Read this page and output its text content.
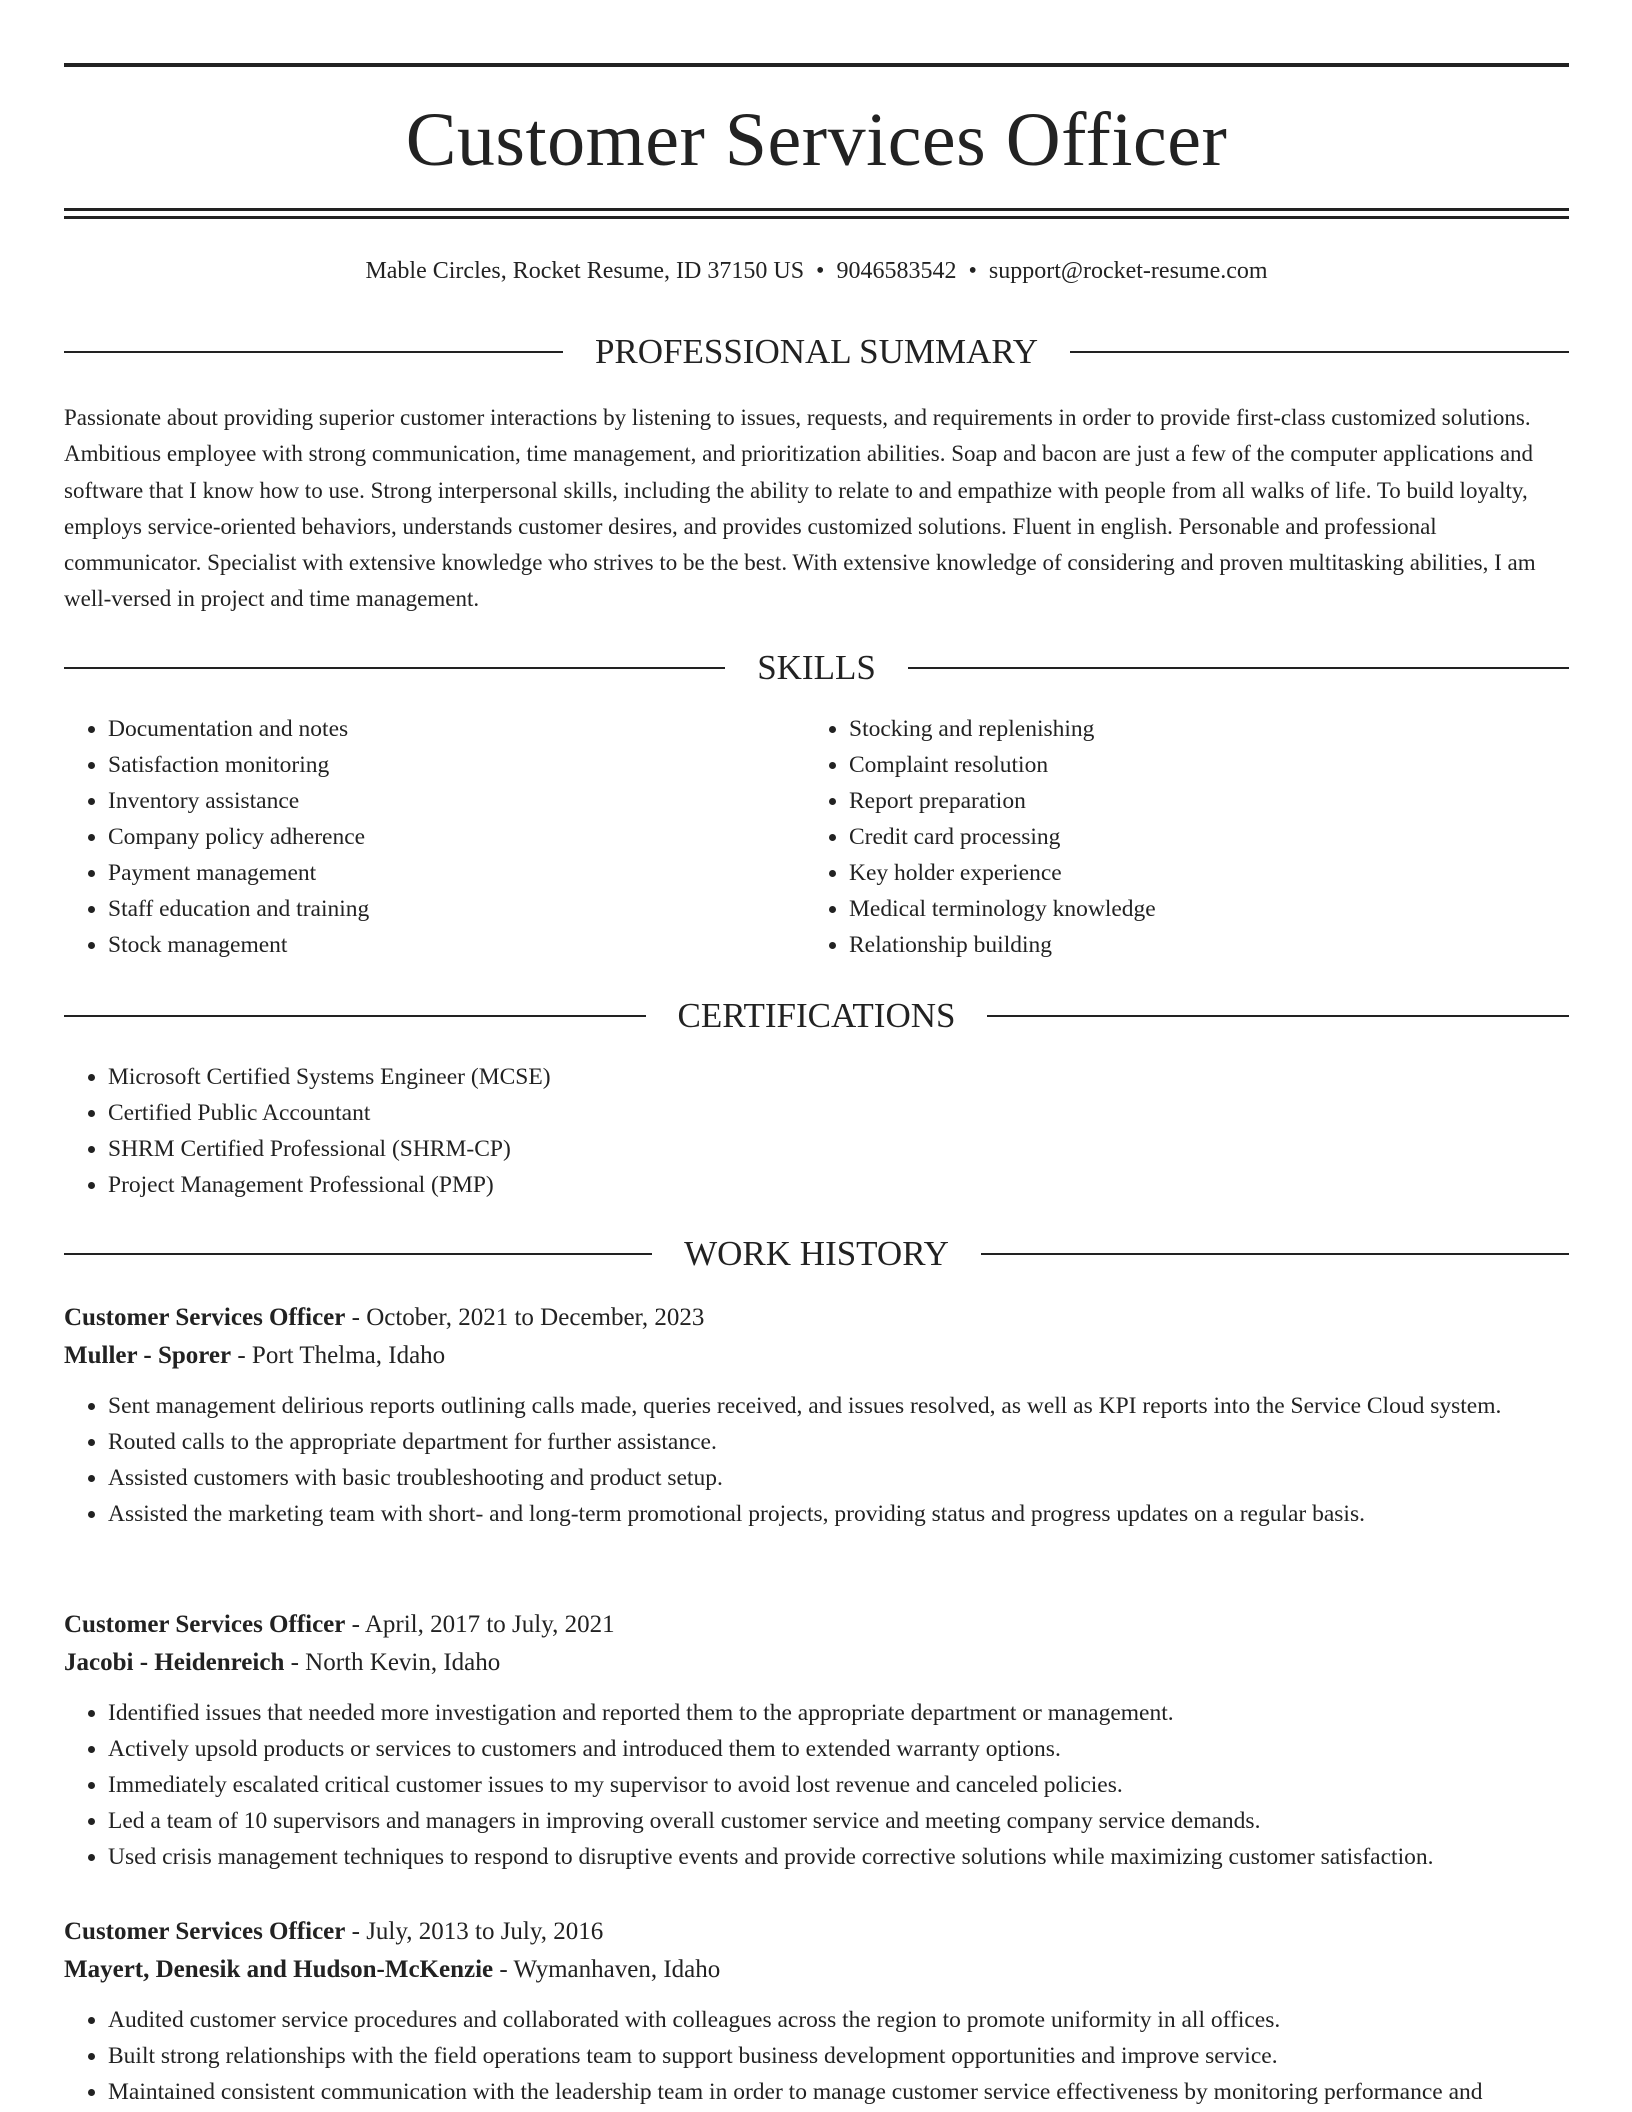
Customer Services Officer
Mable Circles, Rocket Resume, ID 37150 US • 9046583542 • support@rocket-resume.com
PROFESSIONAL SUMMARY

Passionate about providing superior customer interactions by listening to issues, requests, and requirements in order to provide first-class customized solutions. Ambitious employee with strong communication, time management, and prioritization abilities. Soap and bacon are just a few of the computer applications and software that I know how to use. Strong interpersonal skills, including the ability to relate to and empathize with people from all walks of life. To build loyalty, employs service-oriented behaviors, understands customer desires, and provides customized solutions. Fluent in english. Personable and professional communicator. Specialist with extensive knowledge who strives to be the best. With extensive knowledge of considering and proven multitasking abilities, I am well-versed in project and time management.

SKILLS
• Documentation and notes
• Satisfaction monitoring
• Inventory assistance
• Company policy adherence
• Payment management
• Staff education and training
• Stock management
• Stocking and replenishing
• Complaint resolution
• Report preparation
• Credit card processing
• Key holder experience
• Medical terminology knowledge
• Relationship building
CERTIFICATIONS
• Microsoft Certified Systems Engineer (MCSE)
• Certified Public Accountant
• SHRM Certified Professional (SHRM-CP)
• Project Management Professional (PMP)
WORK HISTORY
Customer Services Officer - October, 2021 to December, 2023
Muller - Sporer - Port Thelma, Idaho
• Sent management delirious reports outlining calls made, queries received, and issues resolved, as well as KPI reports into the Service Cloud system.
• Routed calls to the appropriate department for further assistance.
• Assisted customers with basic troubleshooting and product setup.
• Assisted the marketing team with short- and long-term promotional projects, providing status and progress updates on a regular basis.
Customer Services Officer - April, 2017 to July, 2021
Jacobi - Heidenreich - North Kevin, Idaho
• Identified issues that needed more investigation and reported them to the appropriate department or management.
• Actively upsold products or services to customers and introduced them to extended warranty options.
• Immediately escalated critical customer issues to my supervisor to avoid lost revenue and canceled policies.
• Led a team of 10 supervisors and managers in improving overall customer service and meeting company service demands.
• Used crisis management techniques to respond to disruptive events and provide corrective solutions while maximizing customer satisfaction.
Customer Services Officer - July, 2013 to July, 2016
Mayert, Denesik and Hudson-McKenzie - Wymanhaven, Idaho
• Audited customer service procedures and collaborated with colleagues across the region to promote uniformity in all offices.
• Built strong relationships with the field operations team to support business development opportunities and improve service.
• Maintained consistent communication with the leadership team in order to manage customer service effectiveness by monitoring performance and
